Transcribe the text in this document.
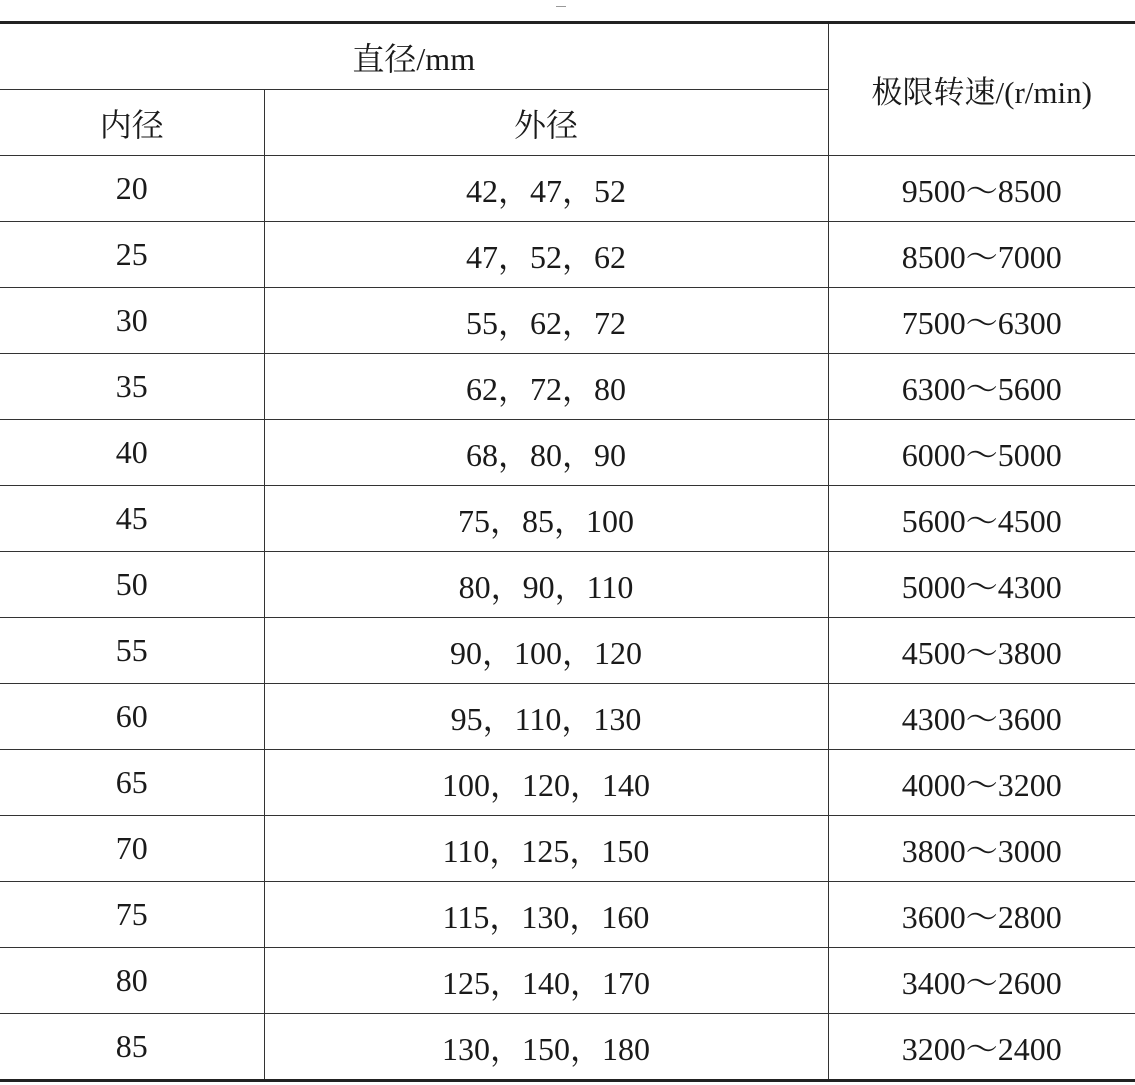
直径/mm		极限转速/(r/min)
内径	外径	
20	42，47，52	9500～8500
25	47，52，62	8500～7000
30	55，62，72	7500～6300
35	62，72，80	6300～5600
40	68，80，90	6000～5000
45	75，85，100	5600～4500
50	80，90，110	5000～4300
55	90，100，120	4500～3800
60	95，110，130	4300～3600
65	100，120，140	4000～3200
70	110，125，150	3800～3000
75	115，130，160	3600～2800
80	125，140，170	3400～2600
85	130，150，180	3200～2400
